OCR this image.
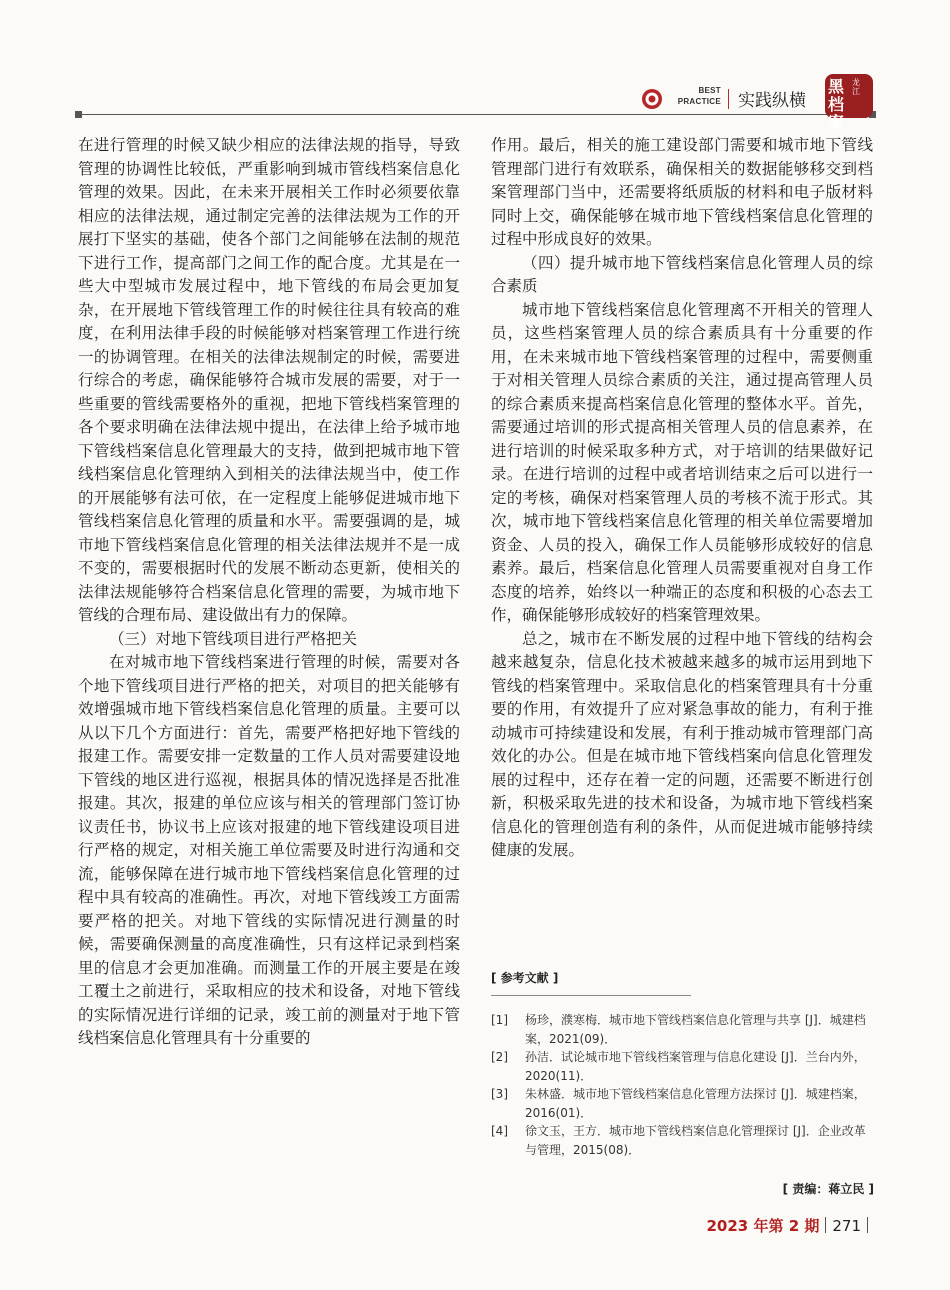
BEST
PRACTICE 实践纵横
黑档案
龙江

在进行管理的时候又缺少相应的法律法规的指导，导致管理的协调性比较低，严重影响到城市管线档案信息化管理的效果。因此，在未来开展相关工作时必须要依靠相应的法律法规，通过制定完善的法律法规为工作的开展打下坚实的基础，使各个部门之间能够在法制的规范下进行工作，提高部门之间工作的配合度。尤其是在一些大中型城市发展过程中，地下管线的布局会更加复杂，在开展地下管线管理工作的时候往往具有较高的难度，在利用法律手段的时候能够对档案管理工作进行统一的协调管理。在相关的法律法规制定的时候，需要进行综合的考虑，确保能够符合城市发展的需要，对于一些重要的管线需要格外的重视，把地下管线档案管理的各个要求明确在法律法规中提出，在法律上给予城市地下管线档案信息化管理最大的支持，做到把城市地下管线档案信息化管理纳入到相关的法律法规当中，使工作的开展能够有法可依，在一定程度上能够促进城市地下管线档案信息化管理的质量和水平。需要强调的是，城市地下管线档案信息化管理的相关法律法规并不是一成不变的，需要根据时代的发展不断动态更新，使相关的法律法规能够符合档案信息化管理的需要，为城市地下管线的合理布局、建设做出有力的保障。

（三）对地下管线项目进行严格把关

在对城市地下管线档案进行管理的时候，需要对各个地下管线项目进行严格的把关，对项目的把关能够有效增强城市地下管线档案信息化管理的质量。主要可以从以下几个方面进行：首先，需要严格把好地下管线的报建工作。需要安排一定数量的工作人员对需要建设地下管线的地区进行巡视，根据具体的情况选择是否批准报建。其次，报建的单位应该与相关的管理部门签订协议责任书，协议书上应该对报建的地下管线建设项目进行严格的规定，对相关施工单位需要及时进行沟通和交流，能够保障在进行城市地下管线档案信息化管理的过程中具有较高的准确性。再次，对地下管线竣工方面需要严格的把关。对地下管线的实际情况进行测量的时候，需要确保测量的高度准确性，只有这样记录到档案里的信息才会更加准确。而测量工作的开展主要是在竣工覆土之前进行，采取相应的技术和设备，对地下管线的实际情况进行详细的记录，竣工前的测量对于地下管线档案信息化管理具有十分重要的

作用。最后，相关的施工建设部门需要和城市地下管线管理部门进行有效联系，确保相关的数据能够移交到档案管理部门当中，还需要将纸质版的材料和电子版材料同时上交，确保能够在城市地下管线档案信息化管理的过程中形成良好的效果。

（四）提升城市地下管线档案信息化管理人员的综合素质

城市地下管线档案信息化管理离不开相关的管理人员，这些档案管理人员的综合素质具有十分重要的作用，在未来城市地下管线档案管理的过程中，需要侧重于对相关管理人员综合素质的关注，通过提高管理人员的综合素质来提高档案信息化管理的整体水平。首先，需要通过培训的形式提高相关管理人员的信息素养，在进行培训的时候采取多种方式，对于培训的结果做好记录。在进行培训的过程中或者培训结束之后可以进行一定的考核，确保对档案管理人员的考核不流于形式。其次，城市地下管线档案信息化管理的相关单位需要增加资金、人员的投入，确保工作人员能够形成较好的信息素养。最后，档案信息化管理人员需要重视对自身工作态度的培养，始终以一种端正的态度和积极的心态去工作，确保能够形成较好的档案管理效果。

总之，城市在不断发展的过程中地下管线的结构会越来越复杂，信息化技术被越来越多的城市运用到地下管线的档案管理中。采取信息化的档案管理具有十分重要的作用，有效提升了应对紧急事故的能力，有利于推动城市可持续建设和发展，有利于推动城市管理部门高效化的办公。但是在城市地下管线档案向信息化管理发展的过程中，还存在着一定的问题，还需要不断进行创新，积极采取先进的技术和设备，为城市地下管线档案信息化的管理创造有利的条件，从而促进城市能够持续健康的发展。

[ 参考文献 ]
[1]	杨珍，濮寒梅．城市地下管线档案信息化管理与共享 [J]．城建档案，2021(09)．
[2]	孙洁．试论城市地下管线档案管理与信息化建设 [J]．兰台内外，2020(11)．
[3]	朱林盛．城市地下管线档案信息化管理方法探讨 [J]．城建档案，2016(01)．
[4]	徐文玉，王方．城市地下管线档案信息化管理探讨 [J]．企业改革与管理，2015(08)．
[ 责编：蒋立民 ]
2023 年第 2 期 271
